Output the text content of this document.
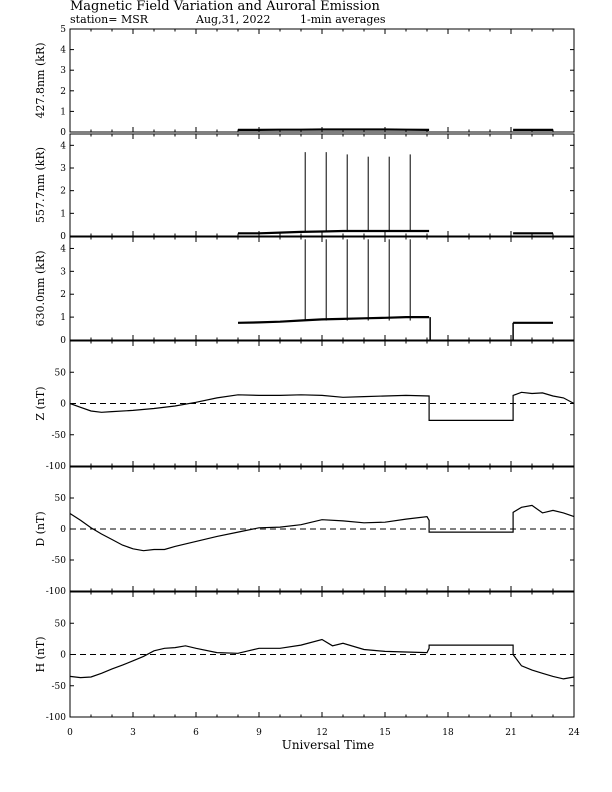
Magnetic Field Variation and Auroral Emission
station= MSR	Aug,31, 2022	1-min averages
0
1
2
3
4
5
427.8nm (kR)
0
1
2
3
4
557.7nm (kR)
0
1
2
3
4
630.0nm (kR)
-100
-50
0
50
Z (nT)
-100
-50
0
50
D (nT)
-100
-50
0
50
H (nT)
0	3	6	9	12	15	18	21	24
Universal Time
